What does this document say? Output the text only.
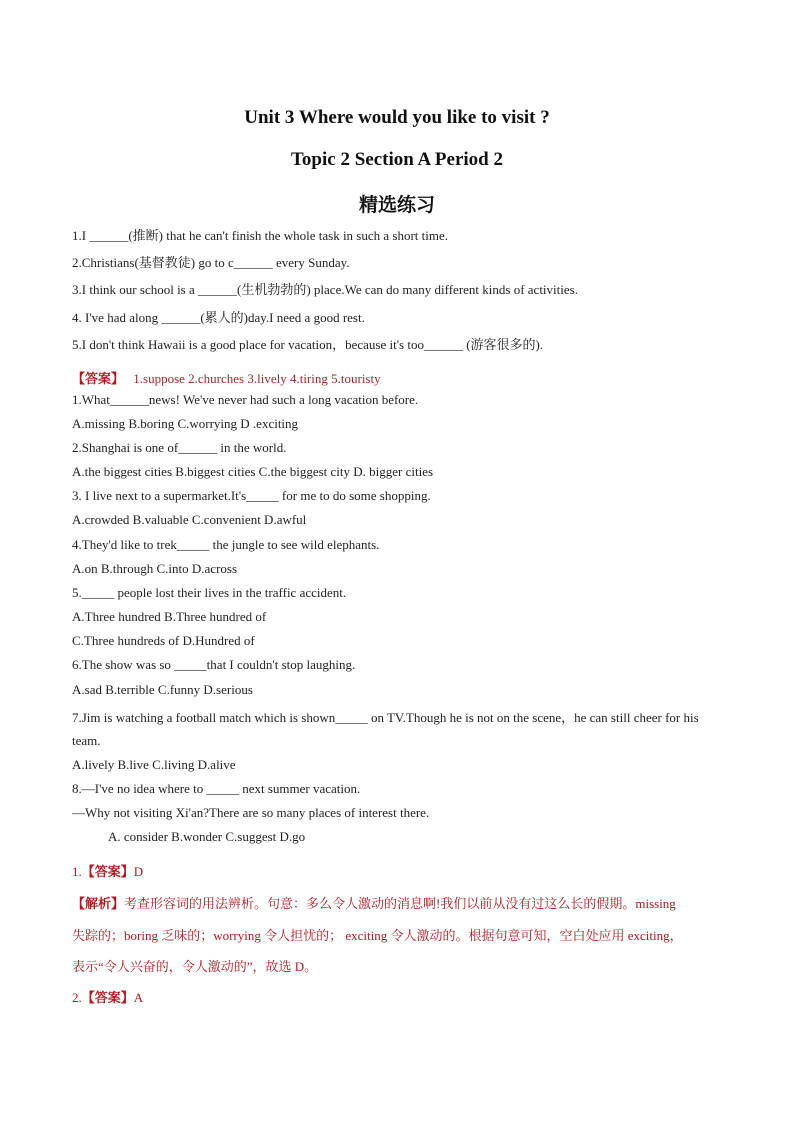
Unit 3 Where would you like to visit ?
Topic 2 Section A Period 2
精选练习
1.I ______(推断) that he can't finish the whole task in such a short time.
2.Christians(基督教徒) go to c______ every Sunday.
3.I think our school is a ______(生机勃勃的) place.We can do many different kinds of activities.
4. I've had along ______(累人的)day.I need a good rest.
5.I don't think Hawaii is a good place for vacation，because it's too______ (游客很多的).
【答案】 1.suppose 2.churches 3.lively 4.tiring 5.touristy
1.What______news! We've never had such a long vacation before.
A.missing B.boring C.worrying D .exciting
2.Shanghai is one of______ in the world.
A.the biggest cities B.biggest cities C.the biggest city D. bigger cities
3. I live next to a supermarket.It's_____ for me to do some shopping.
A.crowded B.valuable C.convenient D.awful
4.They'd like to trek_____ the jungle to see wild elephants.
A.on B.through C.into D.across
5._____ people lost their lives in the traffic accident.
A.Three hundred B.Three hundred of
C.Three hundreds of D.Hundred of
6.The show was so _____that I couldn't stop laughing.
A.sad B.terrible C.funny D.serious
7.Jim is watching a football match which is shown_____ on TV.Though he is not on the scene，he can still cheer for his
team.
A.lively B.live C.living D.alive
8.—I've no idea where to _____ next summer vacation.
—Why not visiting Xi'an?There are so many places of interest there.
A. consider B.wonder C.suggest D.go
1.【答案】D
【解析】考查形容词的用法辨析。句意：多么令人激动的消息啊!我们以前从没有过这么长的假期。missing
失踪的；boring 乏味的；worrying 令人担忧的； exciting 令人激动的。根据句意可知，空白处应用 exciting，
表示“令人兴奋的，令人激动的”，故选 D。
2.【答案】A
